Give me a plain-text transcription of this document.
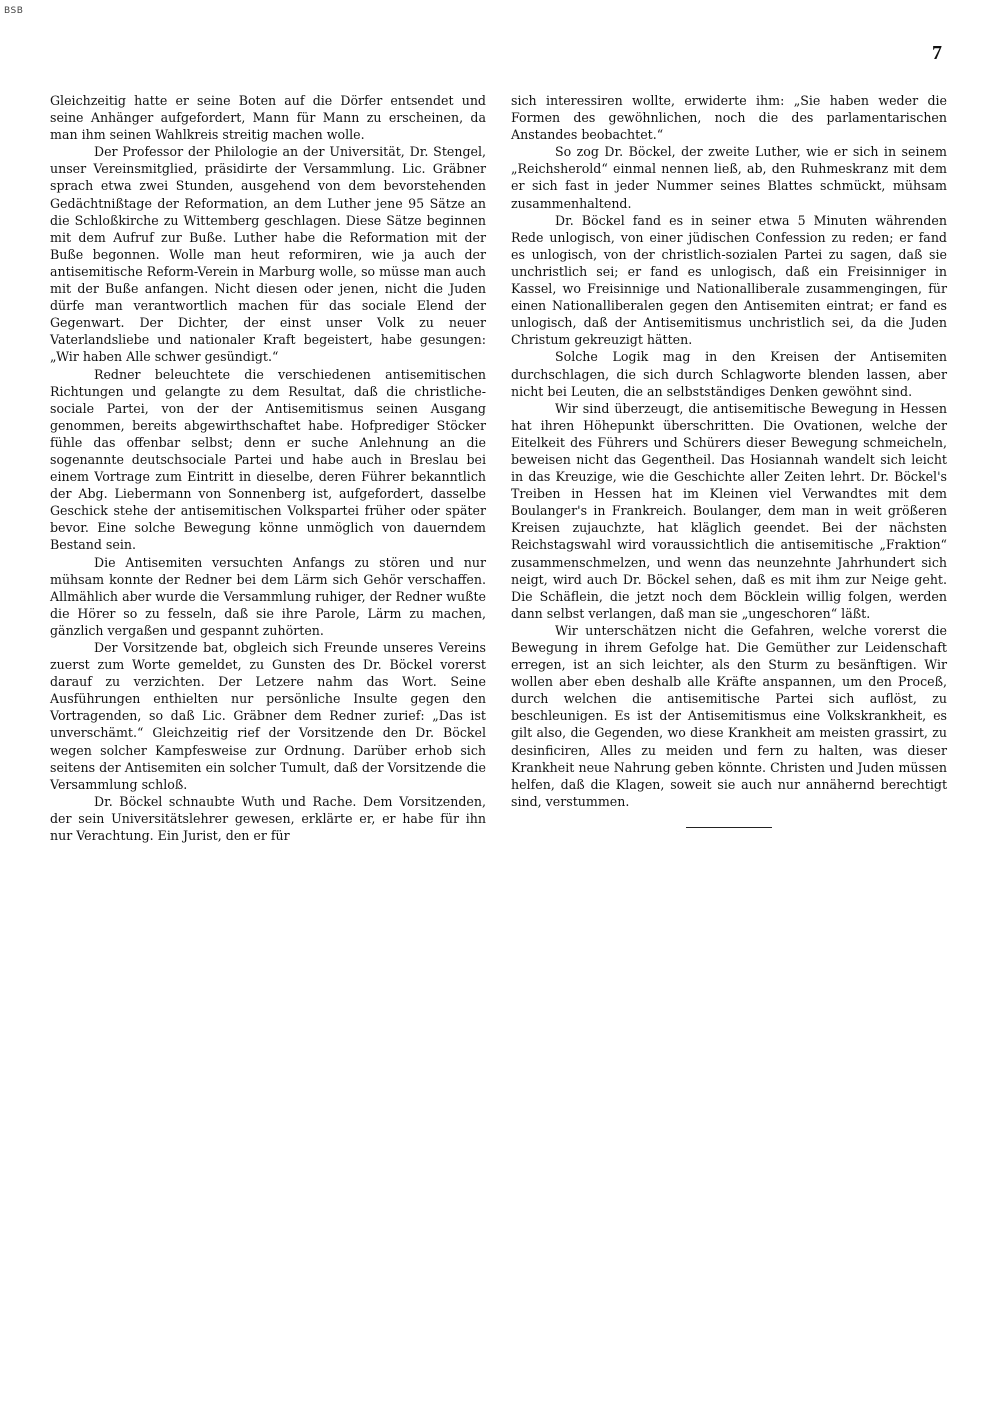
BSB
7

Gleichzeitig hatte er seine Boten auf die Dörfer entsendet und seine Anhänger aufgefordert, Mann für Mann zu erscheinen, da man ihm seinen Wahlkreis streitig machen wolle.

Der Professor der Philologie an der Universität, Dr. Stengel, unser Vereinsmitglied, präsidirte der Versammlung. Lic. Gräbner sprach etwa zwei Stunden, ausgehend von dem bevorstehenden Gedächtnißtage der Reformation, an dem Luther jene 95 Sätze an die Schloßkirche zu Wittemberg geschlagen. Diese Sätze beginnen mit dem Aufruf zur Buße. Luther habe die Reformation mit der Buße begonnen. Wolle man heut reformiren, wie ja auch der antisemitische Reform-Verein in Marburg wolle, so müsse man auch mit der Buße anfangen. Nicht diesen oder jenen, nicht die Juden dürfe man verantwortlich machen für das sociale Elend der Gegenwart. Der Dichter, der einst unser Volk zu neuer Vaterlandsliebe und nationaler Kraft begeistert, habe gesungen: „Wir haben Alle schwer gesündigt.“

Redner beleuchtete die verschiedenen antisemitischen Richtungen und gelangte zu dem Resultat, daß die christliche-sociale Partei, von der der Antisemitismus seinen Ausgang genommen, bereits abgewirthschaftet habe. Hofprediger Stöcker fühle das offenbar selbst; denn er suche Anlehnung an die sogenannte deutschsociale Partei und habe auch in Breslau bei einem Vortrage zum Eintritt in dieselbe, deren Führer bekanntlich der Abg. Liebermann von Sonnenberg ist, aufgefordert, dasselbe Geschick stehe der antisemitischen Volkspartei früher oder später bevor. Eine solche Bewegung könne unmöglich von dauerndem Bestand sein.

Die Antisemiten versuchten Anfangs zu stören und nur mühsam konnte der Redner bei dem Lärm sich Gehör verschaffen. Allmählich aber wurde die Versammlung ruhiger, der Redner wußte die Hörer so zu fesseln, daß sie ihre Parole, Lärm zu machen, gänzlich vergaßen und gespannt zuhörten.

Der Vorsitzende bat, obgleich sich Freunde unseres Vereins zuerst zum Worte gemeldet, zu Gunsten des Dr. Böckel vorerst darauf zu verzichten. Der Letzere nahm das Wort. Seine Ausführungen enthielten nur persönliche Insulte gegen den Vortragenden, so daß Lic. Gräbner dem Redner zurief: „Das ist unverschämt.“ Gleichzeitig rief der Vorsitzende den Dr. Böckel wegen solcher Kampfesweise zur Ordnung. Darüber erhob sich seitens der Antisemiten ein solcher Tumult, daß der Vorsitzende die Versammlung schloß.

Dr. Böckel schnaubte Wuth und Rache. Dem Vorsitzenden, der sein Universitätslehrer gewesen, erklärte er, er habe für ihn nur Verachtung. Ein Jurist, den er für

sich interessiren wollte, erwiderte ihm: „Sie haben weder die Formen des gewöhnlichen, noch die des parlamentarischen Anstandes beobachtet.“

So zog Dr. Böckel, der zweite Luther, wie er sich in seinem „Reichsherold“ einmal nennen ließ, ab, den Ruhmeskranz mit dem er sich fast in jeder Nummer seines Blattes schmückt, mühsam zusammenhaltend.

Dr. Böckel fand es in seiner etwa 5 Minuten währenden Rede unlogisch, von einer jüdischen Confession zu reden; er fand es unlogisch, von der christlich-sozialen Partei zu sagen, daß sie unchristlich sei; er fand es unlogisch, daß ein Freisinniger in Kassel, wo Freisinnige und Nationalliberale zusammengingen, für einen Nationalliberalen gegen den Antisemiten eintrat; er fand es unlogisch, daß der Antisemitismus unchristlich sei, da die Juden Christum gekreuzigt hätten.

Solche Logik mag in den Kreisen der Antisemiten durchschlagen, die sich durch Schlagworte blenden lassen, aber nicht bei Leuten, die an selbstständiges Denken gewöhnt sind.

Wir sind überzeugt, die antisemitische Bewegung in Hessen hat ihren Höhepunkt überschritten. Die Ovationen, welche der Eitelkeit des Führers und Schürers dieser Bewegung schmeicheln, beweisen nicht das Gegentheil. Das Hosiannah wandelt sich leicht in das Kreuzige, wie die Geschichte aller Zeiten lehrt. Dr. Böckel's Treiben in Hessen hat im Kleinen viel Verwandtes mit dem Boulanger's in Frankreich. Boulanger, dem man in weit größeren Kreisen zujauchzte, hat kläglich geendet. Bei der nächsten Reichstagswahl wird voraussichtlich die antisemitische „Fraktion“ zusammenschmelzen, und wenn das neunzehnte Jahrhundert sich neigt, wird auch Dr. Böckel sehen, daß es mit ihm zur Neige geht. Die Schäflein, die jetzt noch dem Böcklein willig folgen, werden dann selbst verlangen, daß man sie „ungeschoren“ läßt.

Wir unterschätzen nicht die Gefahren, welche vorerst die Bewegung in ihrem Gefolge hat. Die Gemüther zur Leidenschaft erregen, ist an sich leichter, als den Sturm zu besänftigen. Wir wollen aber eben deshalb alle Kräfte anspannen, um den Proceß, durch welchen die antisemitische Partei sich auflöst, zu beschleunigen. Es ist der Antisemitismus eine Volkskrankheit, es gilt also, die Gegenden, wo diese Krankheit am meisten grassirt, zu desinficiren, Alles zu meiden und fern zu halten, was dieser Krankheit neue Nahrung geben könnte. Christen und Juden müssen helfen, daß die Klagen, soweit sie auch nur annähernd berechtigt sind, verstummen.
